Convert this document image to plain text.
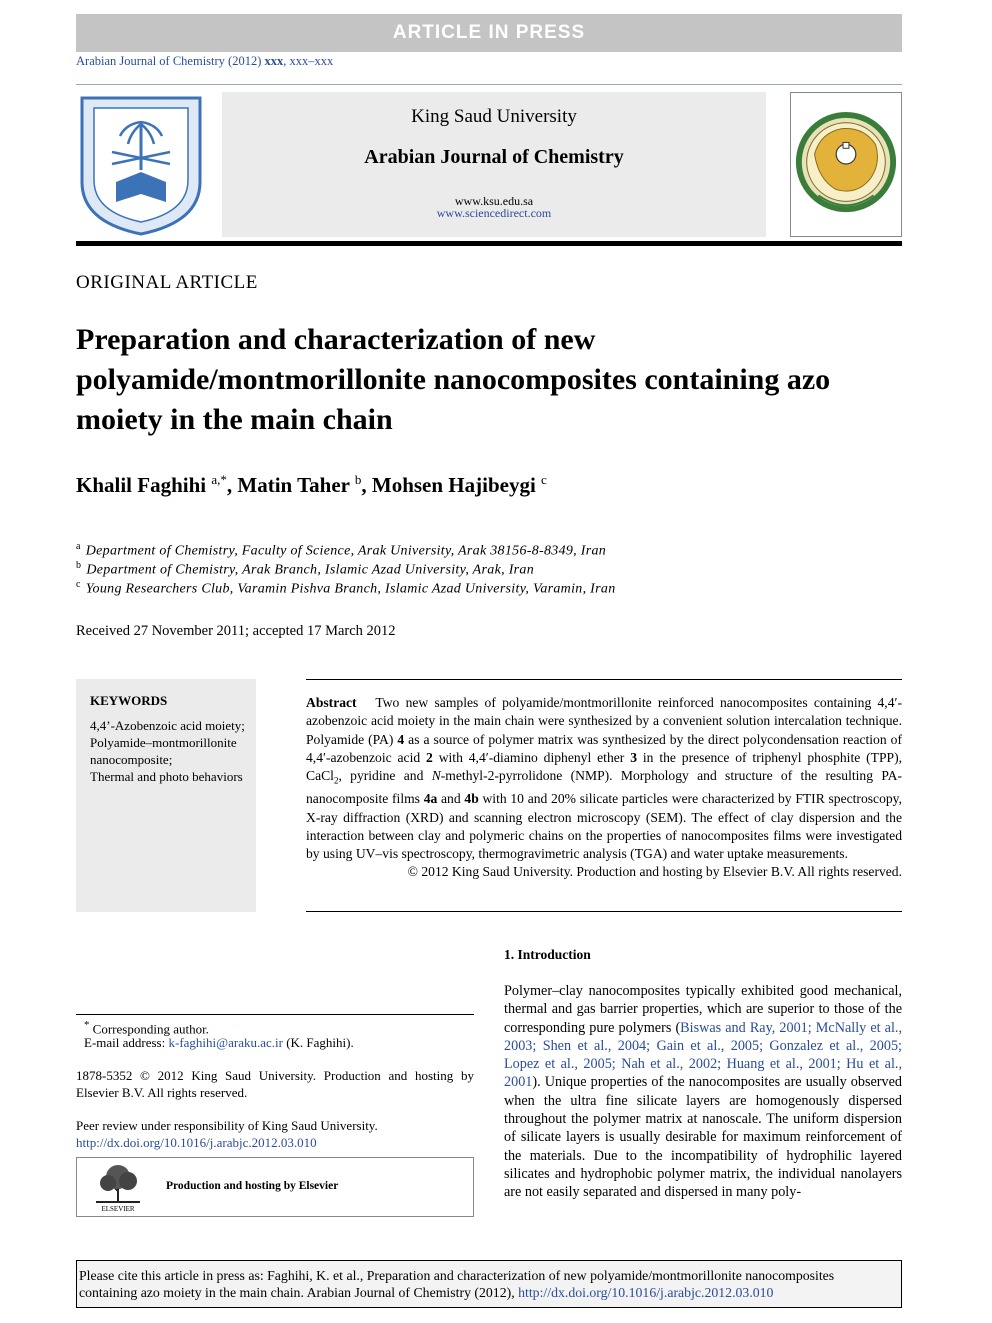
ARTICLE IN PRESS
Arabian Journal of Chemistry (2012) xxx, xxx–xxx
King Saud University
Arabian Journal of Chemistry
www.ksu.edu.sa
www.sciencedirect.com
ORIGINAL ARTICLE
Preparation and characterization of new polyamide/montmorillonite nanocomposites containing azo moiety in the main chain
Khalil Faghihi $^{a,*}$, Matin Taher $^b$, Mohsen Hajibeygi $^c$
$^a$ Department of Chemistry, Faculty of Science, Arak University, Arak 38156-8-8349, Iran
$^b$ Department of Chemistry, Arak Branch, Islamic Azad University, Arak, Iran
$^c$ Young Researchers Club, Varamin Pishva Branch, Islamic Azad University, Varamin, Iran
Received 27 November 2011; accepted 17 March 2012
KEYWORDS
4,4’-Azobenzoic acid moiety;
Polyamide–montmorillonite nanocomposite;
Thermal and photo behaviors
Abstract Two new samples of polyamide/montmorillonite reinforced nanocomposites containing 4,4′-azobenzoic acid moiety in the main chain were synthesized by a convenient solution intercalation technique. Polyamide (PA) 4 as a source of polymer matrix was synthesized by the direct polycondensation reaction of 4,4′-azobenzoic acid 2 with 4,4′-diamino diphenyl ether 3 in the presence of triphenyl phosphite (TPP), CaCl$_2$, pyridine and N-methyl-2-pyrrolidone (NMP). Morphology and structure of the resulting PA-nanocomposite films 4a and 4b with 10 and 20% silicate particles were characterized by FTIR spectroscopy, X-ray diffraction (XRD) and scanning electron microscopy (SEM). The effect of clay dispersion and the interaction between clay and polymeric chains on the properties of nanocomposites films were investigated by using UV–vis spectroscopy, thermogravimetric analysis (TGA) and water uptake measurements.
© 2012 King Saud University. Production and hosting by Elsevier B.V. All rights reserved.
1. Introduction
Polymer–clay nanocomposites typically exhibited good mechanical, thermal and gas barrier properties, which are superior to those of the corresponding pure polymers (Biswas and Ray, 2001; McNally et al., 2003; Shen et al., 2004; Gain et al., 2005; Gonzalez et al., 2005; Lopez et al., 2005; Nah et al., 2002; Huang et al., 2001; Hu et al., 2001). Unique properties of the nanocomposites are usually observed when the ultra fine silicate layers are homogenously dispersed throughout the polymer matrix at nanoscale. The uniform dispersion of silicate layers is usually desirable for maximum reinforcement of the materials. Due to the incompatibility of hydrophilic layered silicates and hydrophobic polymer matrix, the individual nanolayers are not easily separated and dispersed in many poly-
* Corresponding author.
E-mail address: k-faghihi@araku.ac.ir (K. Faghihi).
1878-5352 © 2012 King Saud University. Production and hosting by Elsevier B.V. All rights reserved.
Peer review under responsibility of King Saud University.
http://dx.doi.org/10.1016/j.arabjc.2012.03.010
ELSEVIER
Production and hosting by Elsevier
Please cite this article in press as: Faghihi, K. et al., Preparation and characterization of new polyamide/montmorillonite nanocomposites
containing azo moiety in the main chain. Arabian Journal of Chemistry (2012), http://dx.doi.org/10.1016/j.arabjc.2012.03.010
